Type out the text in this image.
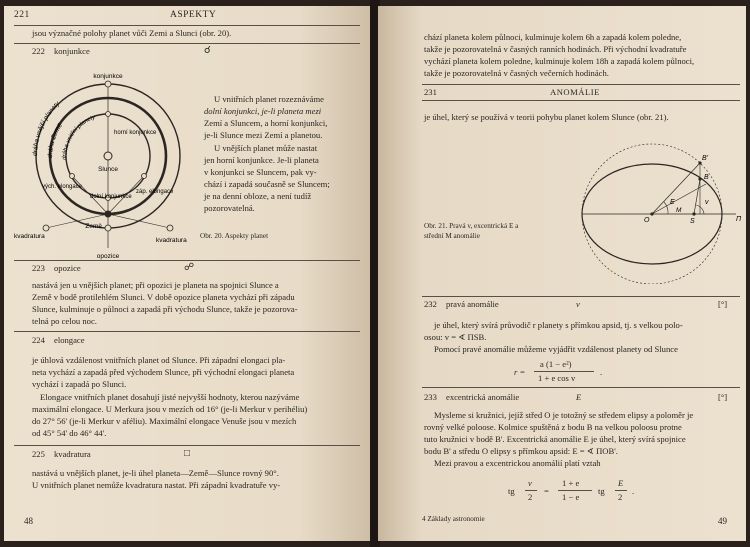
221	ASPEKTY
jsou význačné polohy planet vůči Zemi a Slunci (obr. 20).
222 konjunkce	☌
dráha vnější planety
dráha Země
dráha vnitřní planety
konjunkce
horní konjunkce
Slunce
dolní konjunkce
vých. elongace
záp. elongace
kvadratura
kvadratura
Země
opozice
U vnitřních planet rozeznáváme
dolní konjunkci, je-li planeta mezi
Zemí a Sluncem, a horní konjunkci,
je-li Slunce mezi Zemí a planetou.
U vnějších planet může nastat
jen horní konjunkce. Je-li planeta
v konjunkci se Sluncem, pak vy-
chází i zapadá současně se Sluncem;
je na denní obloze, a není tudíž
pozorovatelná.
Obr. 20. Aspekty planet
223 opozice	☍
nastává jen u vnějších planet; při opozici je planeta na spojnici Slunce a
Země v bodě protilehlém Slunci. V době opozice planeta vychází při západu
Slunce, kulminuje o půlnoci a zapadá při východu Slunce, takže je pozorova-
telná po celou noc.
224 elongace
je úhlová vzdálenost vnitřních planet od Slunce. Při západní elongaci pla-
neta vychází a zapadá před východem Slunce, při východní elongaci planeta
vychází i zapadá po Slunci.
Elongace vnitřních planet dosahují jisté nejvyšší hodnoty, kterou nazýváme
maximální elongace. U Merkura jsou v mezích od 16° (je-li Merkur v perihéliu)
do 27° 56' (je-li Merkur v aféliu). Maximální elongace Venuše jsou v mezích
od 45° 54' do 46° 44'.
225 kvadratura	□
nastává u vnějších planet, je-li úhel planeta—Země—Slunce rovný 90°.
U vnitřních planet nemůže kvadratura nastat. Při západní kvadratuře vy-
48
chází planeta kolem půlnoci, kulminuje kolem 6h a zapadá kolem poledne,
takže je pozorovatelná v časných ranních hodinách. Při východní kvadratuře
vychází planeta kolem poledne, kulminuje kolem 18h a zapadá kolem půlnoci,
takže je pozorovatelná v časných večerních hodinách.
231	ANOMÁLIE
je úhel, který se používá v teorii pohybu planet kolem Slunce (obr. 21).
B'
B
Π
O	S
E	v
M
Obr. 21. Pravá v, excentrická E a
střední M anomálie
232 pravá anomálie	v	[°]
je úhel, který svírá průvodič r planety s přímkou apsid, tj. s velkou polo-
osou: v = ∢ ΠSB.
Pomocí pravé anomálie můžeme vyjádřit vzdálenost planety od Slunce
r =
a (1 − e²)
1 + e cos v
.
233 excentrická anomálie	E	[°]
Mysleme si kružnici, jejíž střed O je totožný se středem elipsy a poloměr je
rovný velké poloose. Kolmice spuštěná z bodu B na velkou poloosu protne
tuto kružnici v bodě B'. Excentrická anomálie E je úhel, který svírá spojnice
bodu B' a středu O elipsy s přímkou apsid: E = ∢ ΠOB'.
Mezi pravou a excentrickou anomálií platí vztah
tg
v
2
=
1 + e
1 − e
tg
E
2
.
4 Základy astronomie	49
